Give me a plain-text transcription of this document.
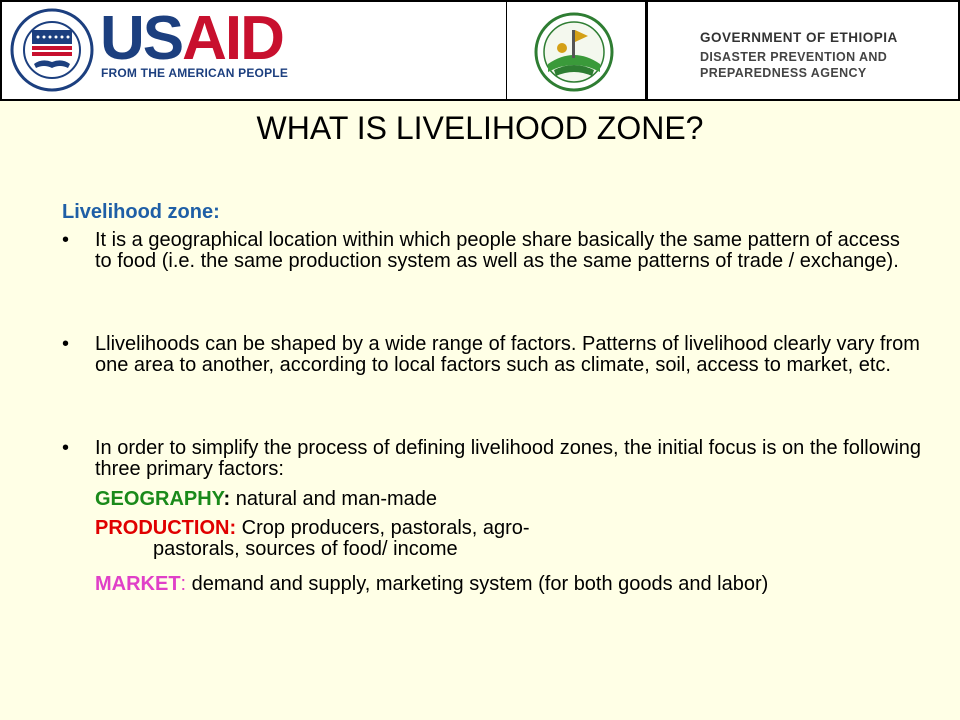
USAID
FROM THE AMERICAN PEOPLE
GOVERNMENT OF ETHIOPIA
DISASTER PREVENTION AND
PREPAREDNESS AGENCY
WHAT IS LIVELIHOOD ZONE?
Livelihood zone:
• It is a geographical location within which people share basically the same pattern of access to food (i.e. the same production system as well as the same patterns of trade / exchange).
• Llivelihoods can be shaped by a wide range of factors. Patterns of livelihood clearly vary from one area to another, according to local factors such as climate, soil, access to market, etc.
• In order to simplify the process of defining livelihood zones, the initial focus is on the following three primary factors:
GEOGRAPHY: natural and man-made
PRODUCTION: Crop producers, pastorals, agro-
pastorals, sources of food/ income
MARKET: demand and supply, marketing system (for both goods and labor)
